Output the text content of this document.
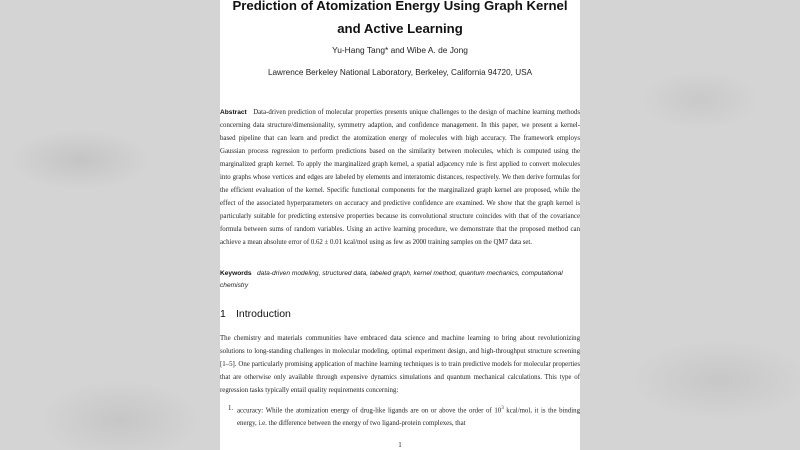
Prediction of Atomization Energy Using Graph Kernel and Active Learning
Yu-Hang Tang* and Wibe A. de Jong
Lawrence Berkeley National Laboratory, Berkeley, California 94720, USA

Abstract Data-driven prediction of molecular properties presents unique challenges to the design of machine learning methods concerning data structure/dimensionality, symmetry adaption, and confidence management. In this paper, we present a kernel-based pipeline that can learn and predict the atomization energy of molecules with high accuracy. The framework employs Gaussian process regression to perform predictions based on the similarity between molecules, which is computed using the marginalized graph kernel. To apply the marginalized graph kernel, a spatial adjacency rule is first applied to convert molecules into graphs whose vertices and edges are labeled by elements and interatomic distances, respectively. We then derive formulas for the efficient evaluation of the kernel. Specific functional components for the marginalized graph kernel are proposed, while the effect of the associated hyperparameters on accuracy and predictive confidence are examined. We show that the graph kernel is particularly suitable for predicting extensive properties because its convolutional structure coincides with that of the covariance formula between sums of random variables. Using an active learning procedure, we demonstrate that the proposed method can achieve a mean absolute error of 0.62 ± 0.01 kcal/mol using as few as 2000 training samples on the QM7 data set.

Keywords data-driven modeling, structured data, labeled graph, kernel method, quantum mechanics, computational chemistry

1 Introduction

The chemistry and materials communities have embraced data science and machine learning to bring about revolutionizing solutions to long-standing challenges in molecular modeling, optimal experiment design, and high-throughput structure screening [1–5]. One particularly promising application of machine learning techniques is to train predictive models for molecular properties that are otherwise only available through expensive dynamics simulations and quantum mechanical calculations. This type of regression tasks typically entail quality requirements concerning:

1. accuracy: While the atomization energy of drug-like ligands are on or above the order of $10^3$ kcal/mol, it is the binding energy, i.e. the difference between the energy of two ligand-protein complexes, that
1
